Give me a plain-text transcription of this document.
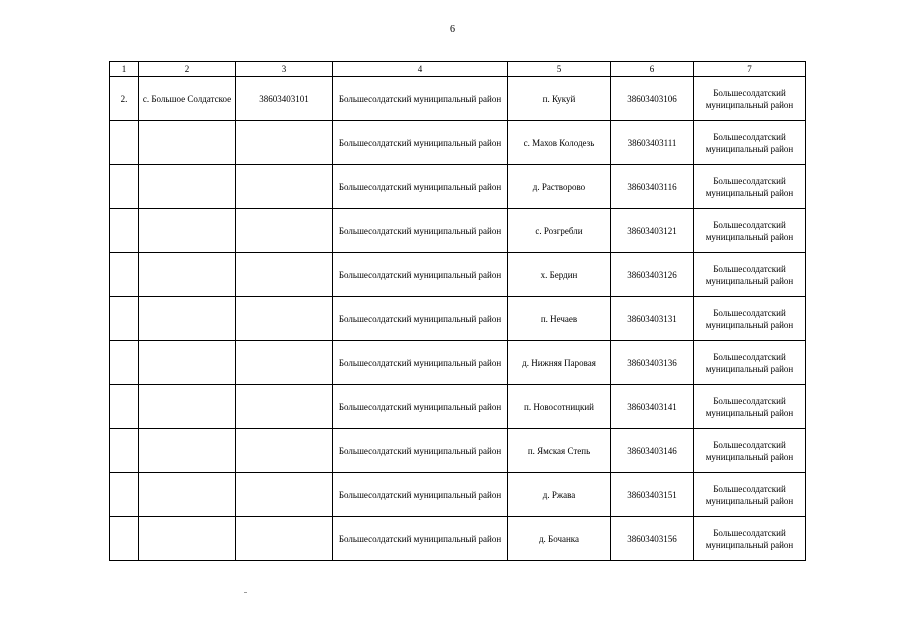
6
1	2	3	4	5	6	7
2.	с. Большое Солдатское	38603403101	Большесолдатский муниципальный район	п. Кукуй	38603403106	Большесолдатский муниципальный район
			Большесолдатский муниципальный район	с. Махов Колодезь	38603403111	Большесолдатский муниципальный район
			Большесолдатский муниципальный район	д. Растворово	38603403116	Большесолдатский муниципальный район
			Большесолдатский муниципальный район	с. Розгребли	38603403121	Большесолдатский муниципальный район
			Большесолдатский муниципальный район	х. Бердин	38603403126	Большесолдатский муниципальный район
			Большесолдатский муниципальный район	п. Нечаев	38603403131	Большесолдатский муниципальный район
			Большесолдатский муниципальный район	д. Нижняя Паровая	38603403136	Большесолдатский муниципальный район
			Большесолдатский муниципальный район	п. Новосотницкий	38603403141	Большесолдатский муниципальный район
			Большесолдатский муниципальный район	п. Ямская Степь	38603403146	Большесолдатский муниципальный район
			Большесолдатский муниципальный район	д. Ржава	38603403151	Большесолдатский муниципальный район
			Большесолдатский муниципальный район	д. Бочанка	38603403156	Большесолдатский муниципальный район
